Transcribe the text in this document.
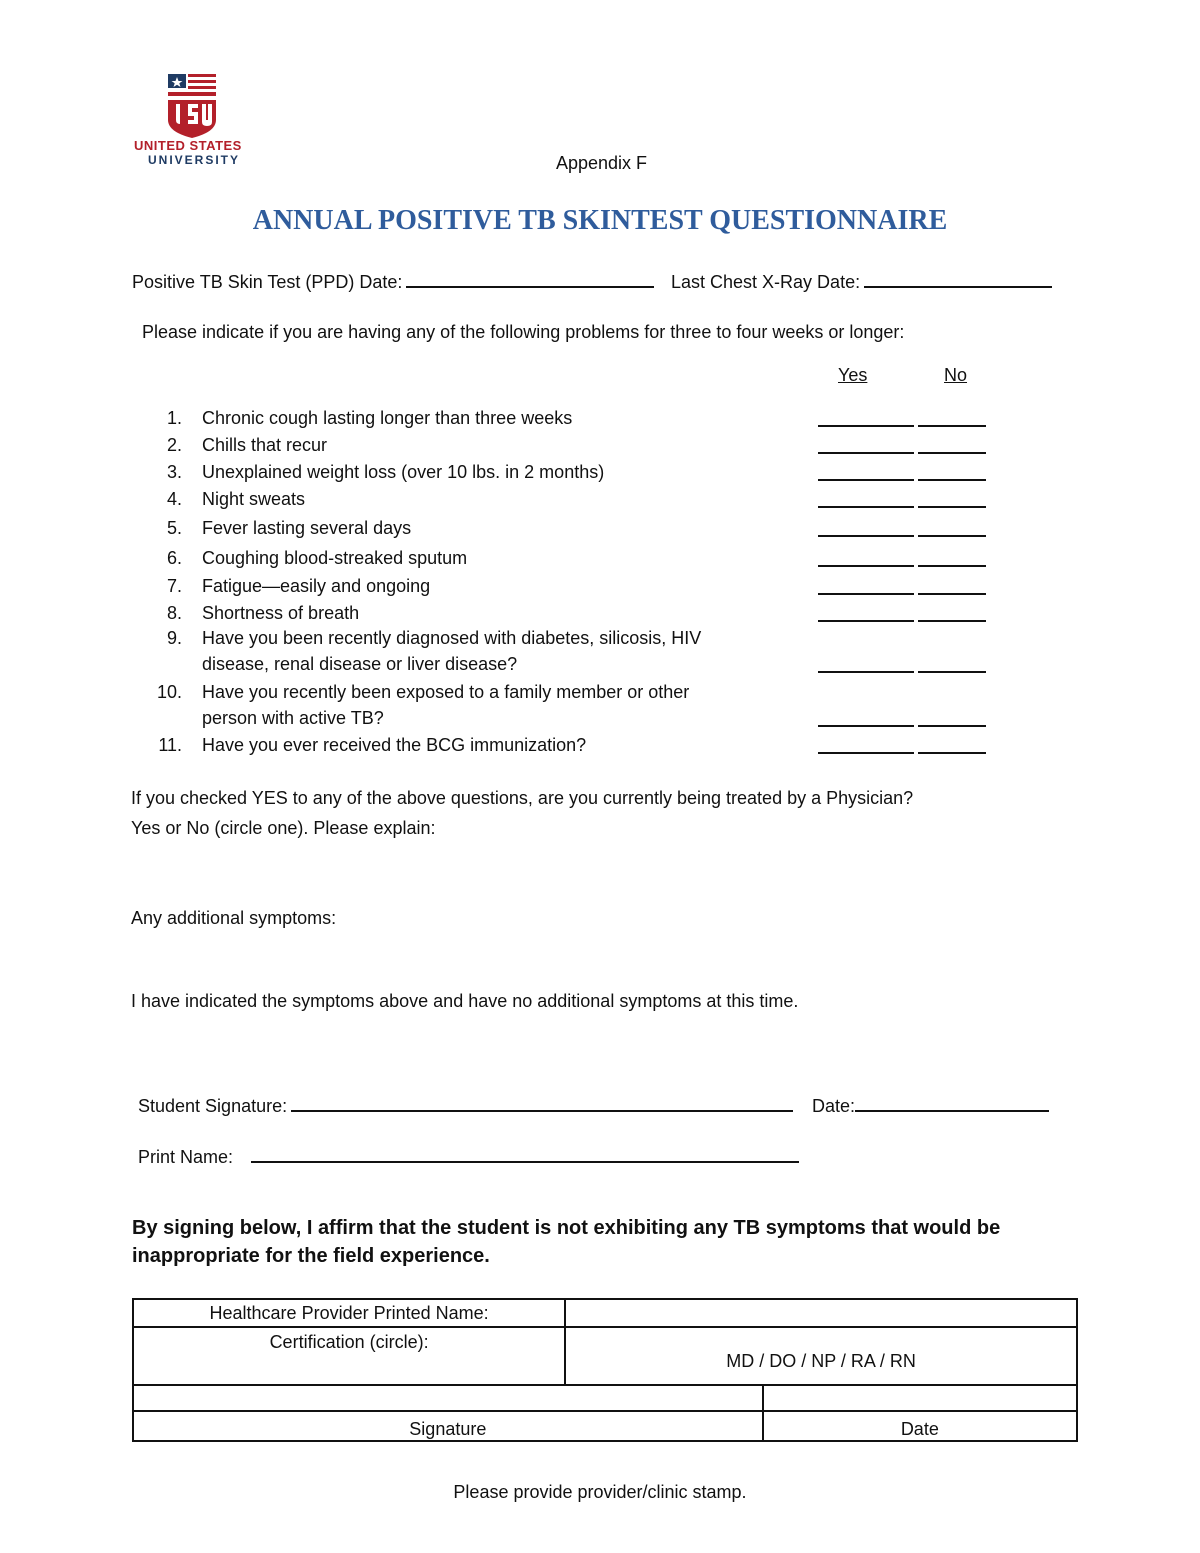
UNITED STATES
UNIVERSITY	Appendix F
ANNUAL POSITIVE TB SKINTEST QUESTIONNAIRE
Positive TB Skin Test (PPD) Date:	Last Chest X-Ray Date:
Please indicate if you are having any of the following problems for three to four weeks or longer:
Yes	No
1. Chronic cough lasting longer than three weeks
2. Chills that recur
3. Unexplained weight loss (over 10 lbs. in 2 months)
4. Night sweats
5. Fever lasting several days
6. Coughing blood-streaked sputum
7. Fatigue—easily and ongoing
8. Shortness of breath
9. Have you been recently diagnosed with diabetes, silicosis, HIV
disease, renal disease or liver disease?
10. Have you recently been exposed to a family member or other
person with active TB?
11. Have you ever received the BCG immunization?
If you checked YES to any of the above questions, are you currently being treated by a Physician?
Yes or No (circle one). Please explain:
Any additional symptoms:
I have indicated the symptoms above and have no additional symptoms at this time.
Student Signature:	Date:
Print Name:
By signing below, I affirm that the student is not exhibiting any TB symptoms that would be inappropriate for the field experience.
Healthcare Provider Printed Name:		
Certification (circle):	MD / DO / NP / RA / RN	

Signature		Date
Please provide provider/clinic stamp.
